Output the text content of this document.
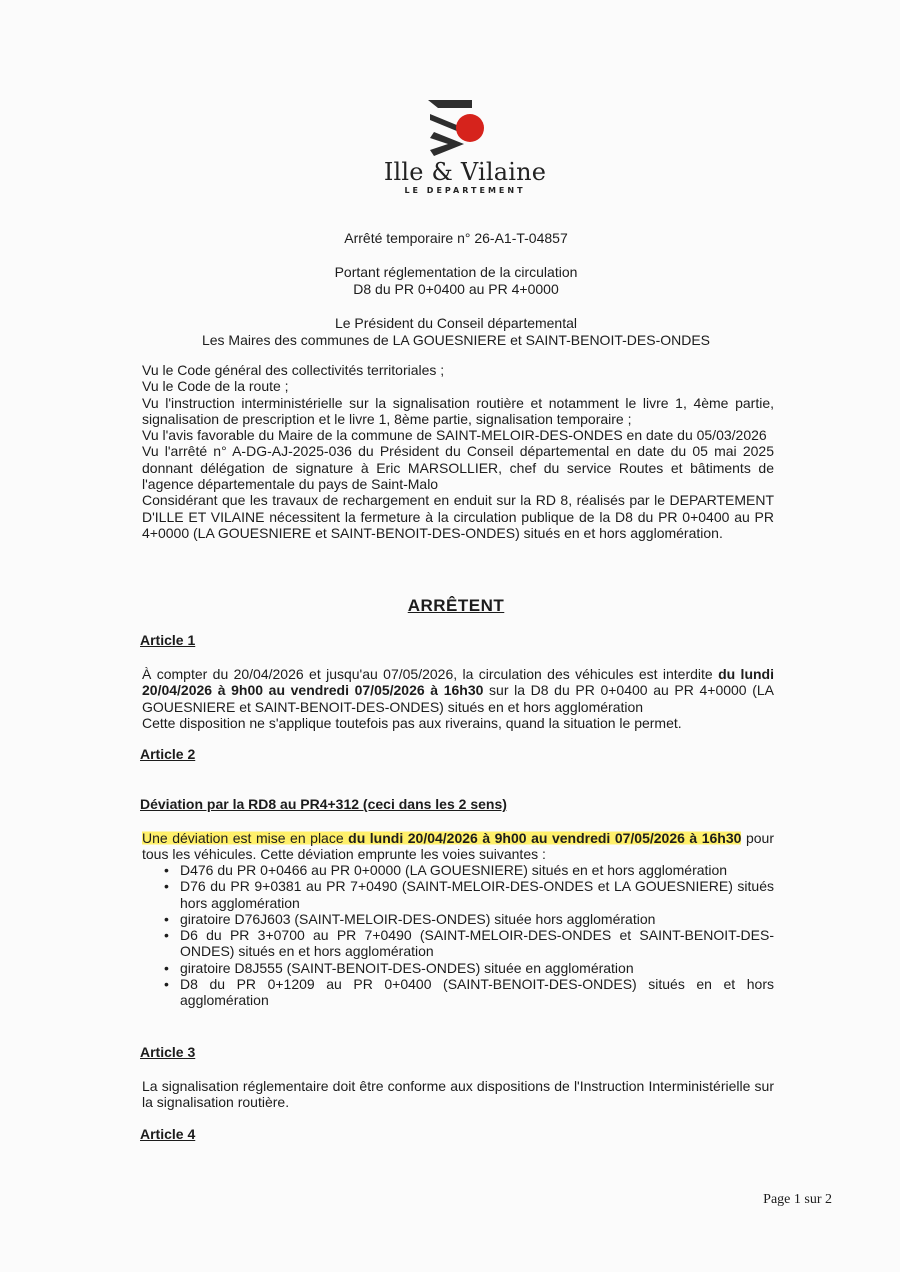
Ille & Vilaine
LE DEPARTEMENT
Arrêté temporaire n° 26-A1-T-04857
Portant réglementation de la circulation
D8 du PR 0+0400 au PR 4+0000
Le Président du Conseil départemental
Les Maires des communes de LA GOUESNIERE et SAINT-BENOIT-DES-ONDES
Vu le Code général des collectivités territoriales ;
Vu le Code de la route ;
Vu l'instruction interministérielle sur la signalisation routière et notamment le livre 1, 4ème partie, signalisation de prescription et le livre 1, 8ème partie, signalisation temporaire ;
Vu l'avis favorable du Maire de la commune de SAINT-MELOIR-DES-ONDES en date du 05/03/2026
Vu l'arrêté n° A-DG-AJ-2025-036 du Président du Conseil départemental en date du 05 mai 2025 donnant délégation de signature à Eric MARSOLLIER, chef du service Routes et bâtiments de l'agence départementale du pays de Saint-Malo
Considérant que les travaux de rechargement en enduit sur la RD 8, réalisés par le DEPARTEMENT D'ILLE ET VILAINE nécessitent la fermeture à la circulation publique de la D8 du PR 0+0400 au PR 4+0000 (LA GOUESNIERE et SAINT-BENOIT-DES-ONDES) situés en et hors agglomération.
ARRÊTENT
Article 1
À compter du 20/04/2026 et jusqu'au 07/05/2026, la circulation des véhicules est interdite du lundi 20/04/2026 à 9h00 au vendredi 07/05/2026 à 16h30 sur la D8 du PR 0+0400 au PR 4+0000 (LA GOUESNIERE et SAINT-BENOIT-DES-ONDES) situés en et hors agglomération
Cette disposition ne s'applique toutefois pas aux riverains, quand la situation le permet.
Article 2
Déviation par la RD8 au PR4+312 (ceci dans les 2 sens)
Une déviation est mise en place du lundi 20/04/2026 à 9h00 au vendredi 07/05/2026 à 16h30 pour tous les véhicules. Cette déviation emprunte les voies suivantes :
• D476 du PR 0+0466 au PR 0+0000 (LA GOUESNIERE) situés en et hors agglomération
• D76 du PR 9+0381 au PR 7+0490 (SAINT-MELOIR-DES-ONDES et LA GOUESNIERE) situés hors agglomération
• giratoire D76J603 (SAINT-MELOIR-DES-ONDES) située hors agglomération
• D6 du PR 3+0700 au PR 7+0490 (SAINT-MELOIR-DES-ONDES et SAINT-BENOIT-DES-ONDES) situés en et hors agglomération
• giratoire D8J555 (SAINT-BENOIT-DES-ONDES) située en agglomération
• D8 du PR 0+1209 au PR 0+0400 (SAINT-BENOIT-DES-ONDES) situés en et hors agglomération
Article 3
La signalisation réglementaire doit être conforme aux dispositions de l'Instruction Interministérielle sur la signalisation routière.
Article 4
Page 1 sur 2
